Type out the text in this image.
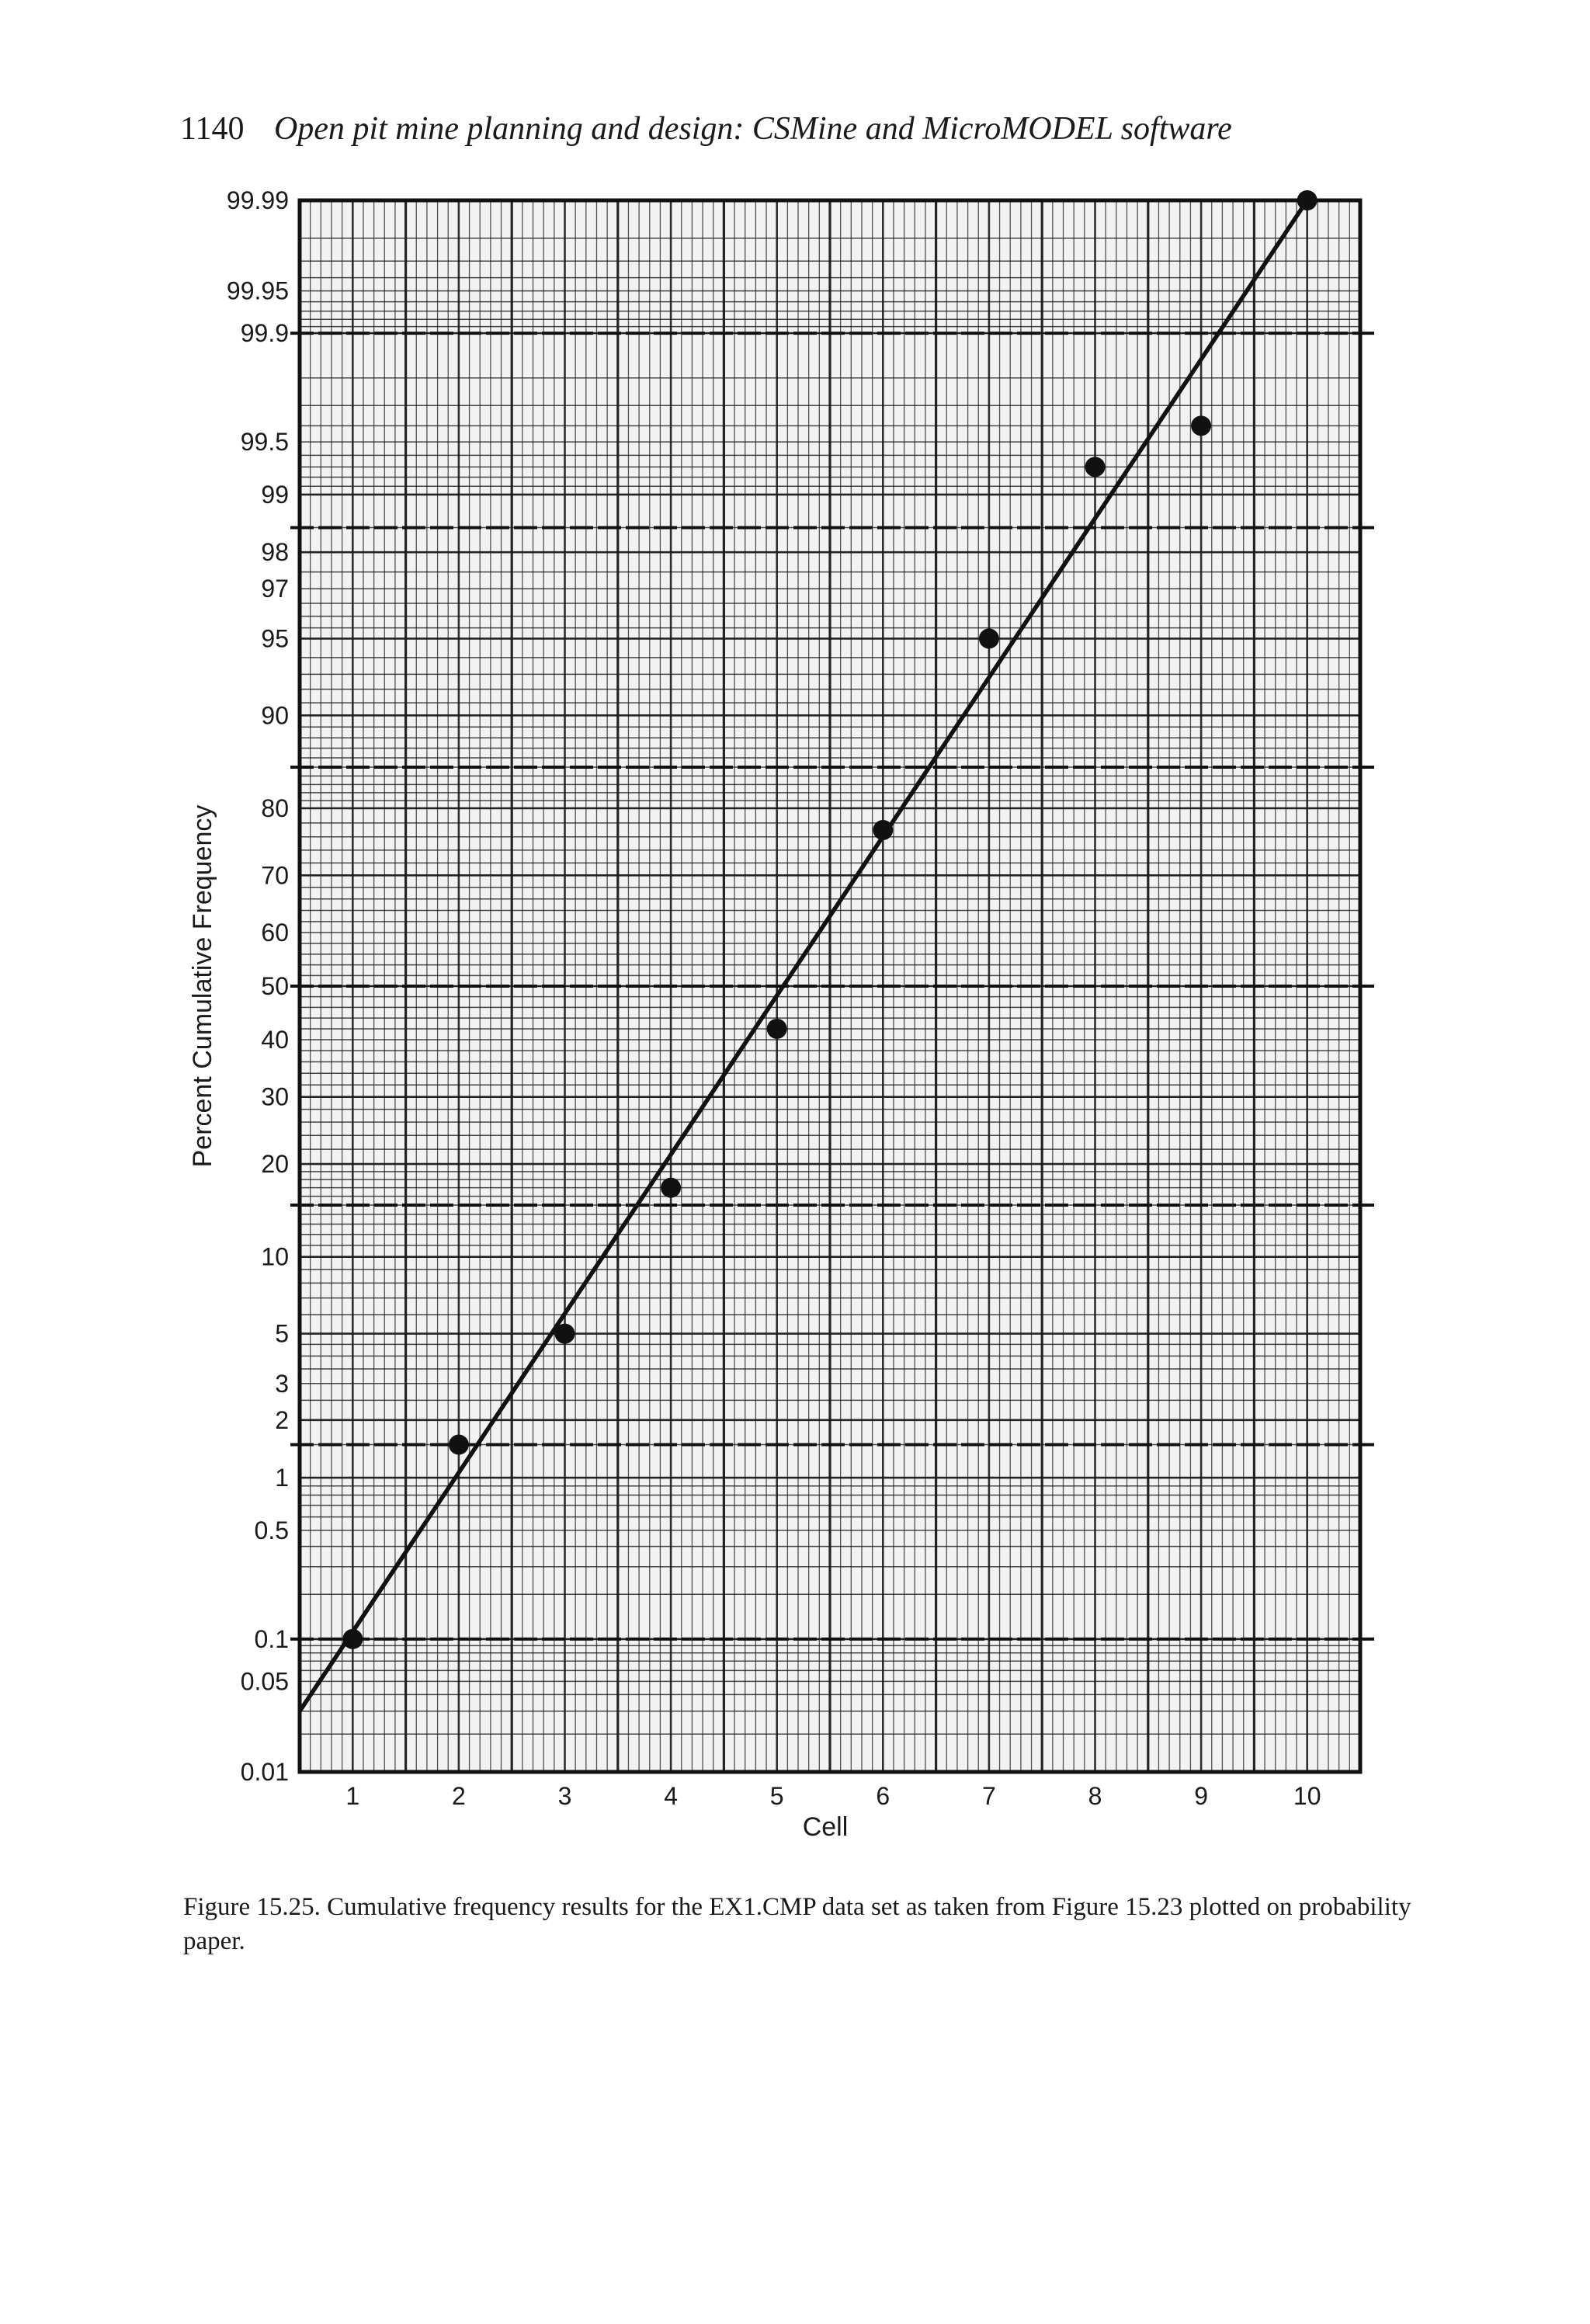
1140 Open pit mine planning and design: CSMine and MicroMODEL software
0.01
0.05
0.1
0.5
1
2
3
5
10
20
30
40
50
60
70
80
90
95
97
98
99
99.5
99.9
99.95
99.99
1	2	3	4	5	6	7	8	9	10
Cell
Percent Cumulative Frequency
Figure 15.25. Cumulative frequency results for the EX1.CMP data set as taken from Figure 15.23 plotted on probability paper.
